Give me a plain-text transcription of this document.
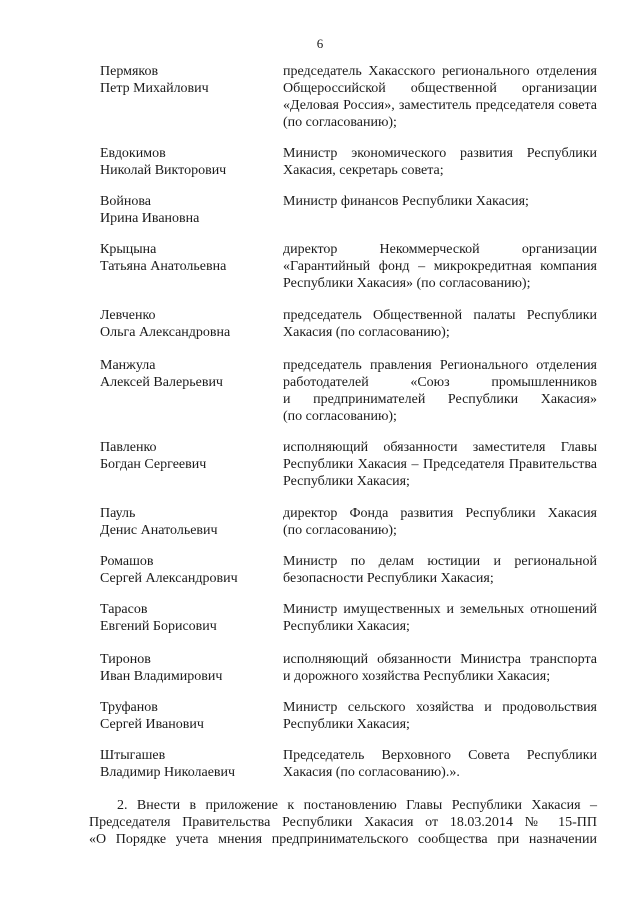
6
Пермяков
Петр Михайлович
председатель Хакасского регионального отделения
Общероссийской общественной организации
«Деловая Россия», заместитель председателя совета
(по согласованию);
Евдокимов
Николай Викторович
Министр экономического развития Республики
Хакасия, секретарь совета;
Войнова
Ирина Ивановна
Министр финансов Республики Хакасия;
Крыцына
Татьяна Анатольевна
директор Некоммерческой организации
«Гарантийный фонд – микрокредитная компания
Республики Хакасия» (по согласованию);
Левченко
Ольга Александровна
председатель Общественной палаты Республики
Хакасия (по согласованию);
Манжула
Алексей Валерьевич
председатель правления Регионального отделения
работодателей «Союз промышленников
и предпринимателей Республики Хакасия»
(по согласованию);
Павленко
Богдан Сергеевич
исполняющий обязанности заместителя Главы
Республики Хакасия – Председателя Правительства
Республики Хакасия;
Пауль
Денис Анатольевич
директор Фонда развития Республики Хакасия
(по согласованию);
Ромашов
Сергей Александрович
Министр по делам юстиции и региональной
безопасности Республики Хакасия;
Тарасов
Евгений Борисович
Министр имущественных и земельных отношений
Республики Хакасия;
Тиронов
Иван Владимирович
исполняющий обязанности Министра транспорта
и дорожного хозяйства Республики Хакасия;
Труфанов
Сергей Иванович
Министр сельского хозяйства и продовольствия
Республики Хакасия;
Штыгашев
Владимир Николаевич
Председатель Верховного Совета Республики
Хакасия (по согласованию).».
2. Внести в приложение к постановлению Главы Республики Хакасия –
Председателя Правительства Республики Хакасия от 18.03.2014 № 15-ПП
«О Порядке учета мнения предпринимательского сообщества при назначении
